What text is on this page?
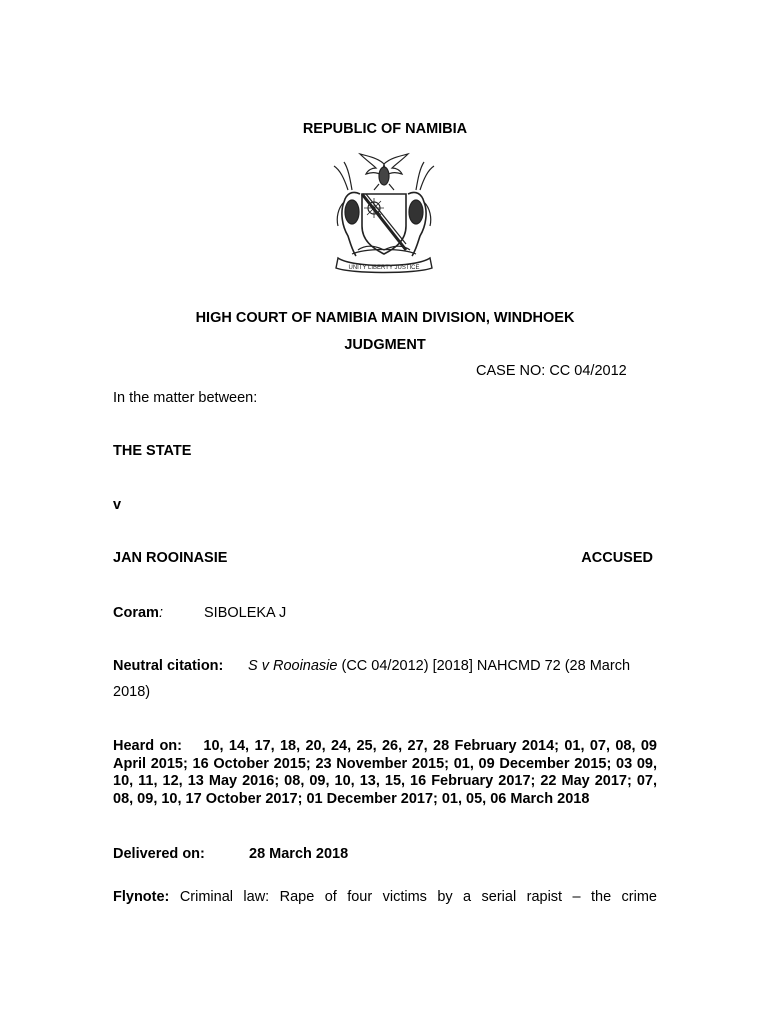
REPUBLIC OF NAMIBIA
UNITY LIBERTY JUSTICE
HIGH COURT OF NAMIBIA MAIN DIVISION, WINDHOEK
JUDGMENT
CASE NO: CC 04/2012
In the matter between:
THE STATE
v
JAN ROOINASIE	ACCUSED
Coram:	SIBOLEKA J
Neutral citation: S v Rooinasie (CC 04/2012) [2018] NAHCMD 72 (28 March
2018)
Heard on: 10, 14, 17, 18, 20, 24, 25, 26, 27, 28 February 2014; 01, 07, 08, 09 April 2015; 16 October 2015; 23 November 2015; 01, 09 December 2015; 03 09, 10, 11, 12, 13 May 2016; 08, 09, 10, 13, 15, 16 February 2017; 22 May 2017; 07, 08, 09, 10, 17 October 2017; 01 December 2017; 01, 05, 06 March 2018
Delivered on:	28 March 2018
Flynote: Criminal law: Rape of four victims by a serial rapist – the crime
